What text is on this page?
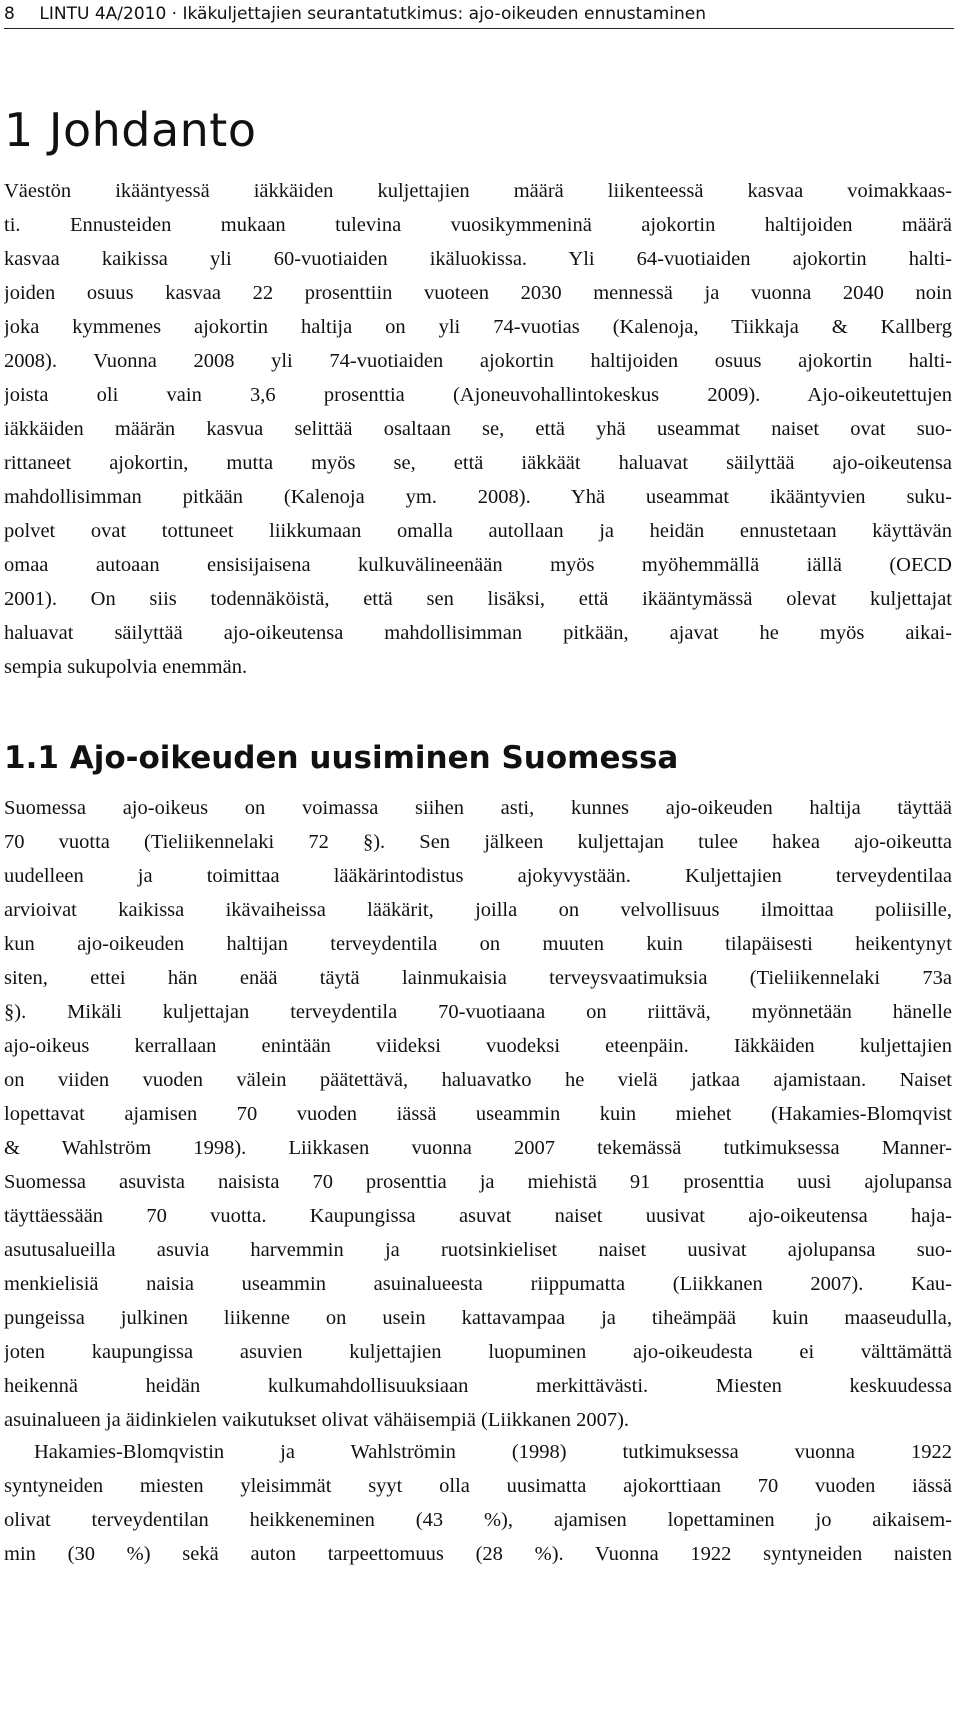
8 LINTU 4A/2010 · Ikäkuljettajien seurantatutkimus: ajo-oikeuden ennustaminen
1 Johdanto
Väestön ikääntyessä iäkkäiden kuljettajien määrä liikenteessä kasvaa voimakkaas-
ti. Ennusteiden mukaan tulevina vuosikymmeninä ajokortin haltijoiden määrä
kasvaa kaikissa yli 60-vuotiaiden ikäluokissa. Yli 64-vuotiaiden ajokortin halti-
joiden osuus kasvaa 22 prosenttiin vuoteen 2030 mennessä ja vuonna 2040 noin
joka kymmenes ajokortin haltija on yli 74-vuotias (Kalenoja, Tiikkaja & Kallberg
2008). Vuonna 2008 yli 74-vuotiaiden ajokortin haltijoiden osuus ajokortin halti-
joista oli vain 3,6 prosenttia (Ajoneuvohallintokeskus 2009). Ajo-oikeutettujen
iäkkäiden määrän kasvua selittää osaltaan se, että yhä useammat naiset ovat suo-
rittaneet ajokortin, mutta myös se, että iäkkäät haluavat säilyttää ajo-oikeutensa
mahdollisimman pitkään (Kalenoja ym. 2008). Yhä useammat ikääntyvien suku-
polvet ovat tottuneet liikkumaan omalla autollaan ja heidän ennustetaan käyttävän
omaa autoaan ensisijaisena kulkuvälineenään myös myöhemmällä iällä (OECD
2001). On siis todennäköistä, että sen lisäksi, että ikääntymässä olevat kuljettajat
haluavat säilyttää ajo-oikeutensa mahdollisimman pitkään, ajavat he myös aikai-
sempia sukupolvia enemmän.
1.1 Ajo-oikeuden uusiminen Suomessa
Suomessa ajo-oikeus on voimassa siihen asti, kunnes ajo-oikeuden haltija täyttää
70 vuotta (Tieliikennelaki 72 §). Sen jälkeen kuljettajan tulee hakea ajo-oikeutta
uudelleen ja toimittaa lääkärintodistus ajokyvystään. Kuljettajien terveydentilaa
arvioivat kaikissa ikävaiheissa lääkärit, joilla on velvollisuus ilmoittaa poliisille,
kun ajo-oikeuden haltijan terveydentila on muuten kuin tilapäisesti heikentynyt
siten, ettei hän enää täytä lainmukaisia terveysvaatimuksia (Tieliikennelaki 73a
§). Mikäli kuljettajan terveydentila 70-vuotiaana on riittävä, myönnetään hänelle
ajo-oikeus kerrallaan enintään viideksi vuodeksi eteenpäin. Iäkkäiden kuljettajien
on viiden vuoden välein päätettävä, haluavatko he vielä jatkaa ajamistaan. Naiset
lopettavat ajamisen 70 vuoden iässä useammin kuin miehet (Hakamies-Blomqvist
& Wahlström 1998). Liikkasen vuonna 2007 tekemässä tutkimuksessa Manner-
Suomessa asuvista naisista 70 prosenttia ja miehistä 91 prosenttia uusi ajolupansa
täyttäessään 70 vuotta. Kaupungissa asuvat naiset uusivat ajo-oikeutensa haja-
asutusalueilla asuvia harvemmin ja ruotsinkieliset naiset uusivat ajolupansa suo-
menkielisiä naisia useammin asuinalueesta riippumatta (Liikkanen 2007). Kau-
pungeissa julkinen liikenne on usein kattavampaa ja tiheämpää kuin maaseudulla,
joten kaupungissa asuvien kuljettajien luopuminen ajo-oikeudesta ei välttämättä
heikennä heidän kulkumahdollisuuksiaan merkittävästi. Miesten keskuudessa
asuinalueen ja äidinkielen vaikutukset olivat vähäisempiä (Liikkanen 2007).
Hakamies-Blomqvistin ja Wahlströmin (1998) tutkimuksessa vuonna 1922
syntyneiden miesten yleisimmät syyt olla uusimatta ajokorttiaan 70 vuoden iässä
olivat terveydentilan heikkeneminen (43 %), ajamisen lopettaminen jo aikaisem-
min (30 %) sekä auton tarpeettomuus (28 %). Vuonna 1922 syntyneiden naisten
